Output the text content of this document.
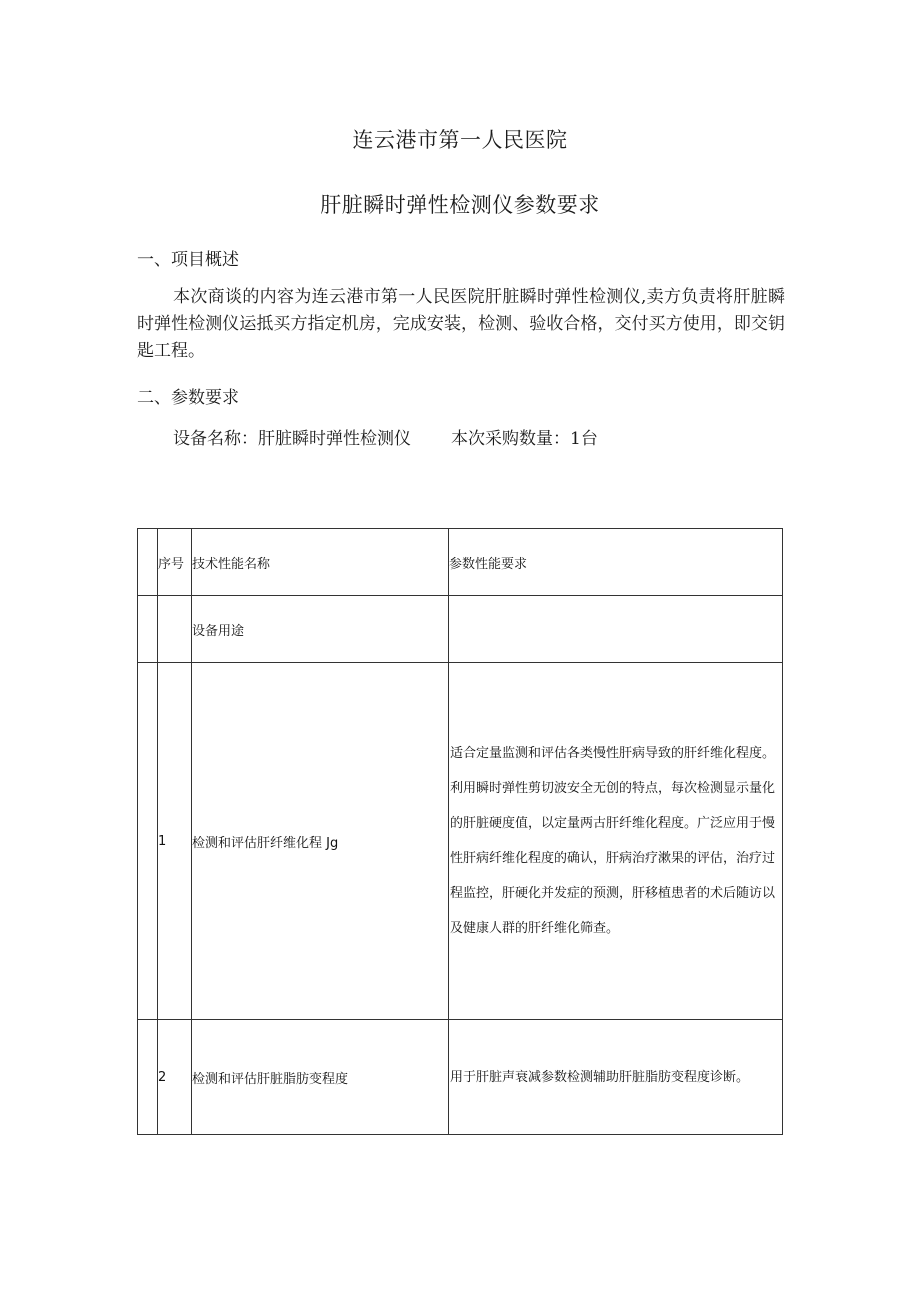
连云港市第一人民医院
肝脏瞬时弹性检测仪参数要求
一、项目概述

本次商谈的内容为连云港市第一人民医院肝脏瞬时弹性检测仪,卖方负责将肝脏瞬时弹性检测仪运抵买方指定机房，完成安装，检测、验收合格，交付买方使用，即交钥匙工程。

二、参数要求
设备名称：肝脏瞬时弹性检测仪 本次采购数量：1台
	序号	技术性能名称	参数性能要求
		设备用途	
	1	检测和评估肝纤维化程 Jg	适合定量监测和评估各类慢性肝病导致的肝纤维化程度。利用瞬时弹性剪切波安全无创的特点，每次检测显示量化的肝脏硬度值，以定量两古肝纤维化程度。广泛应用于慢性肝病纤维化程度的确认，肝病治疗漱果的评估，治疗过程监控，肝硬化并发症的预测，肝移植患者的术后随访以及健康人群的肝纤维化筛查。

	2	检测和评估肝脏脂肪变程度	用于肝脏声衰减参数检测辅助肝脏脂肪变程度诊断。
